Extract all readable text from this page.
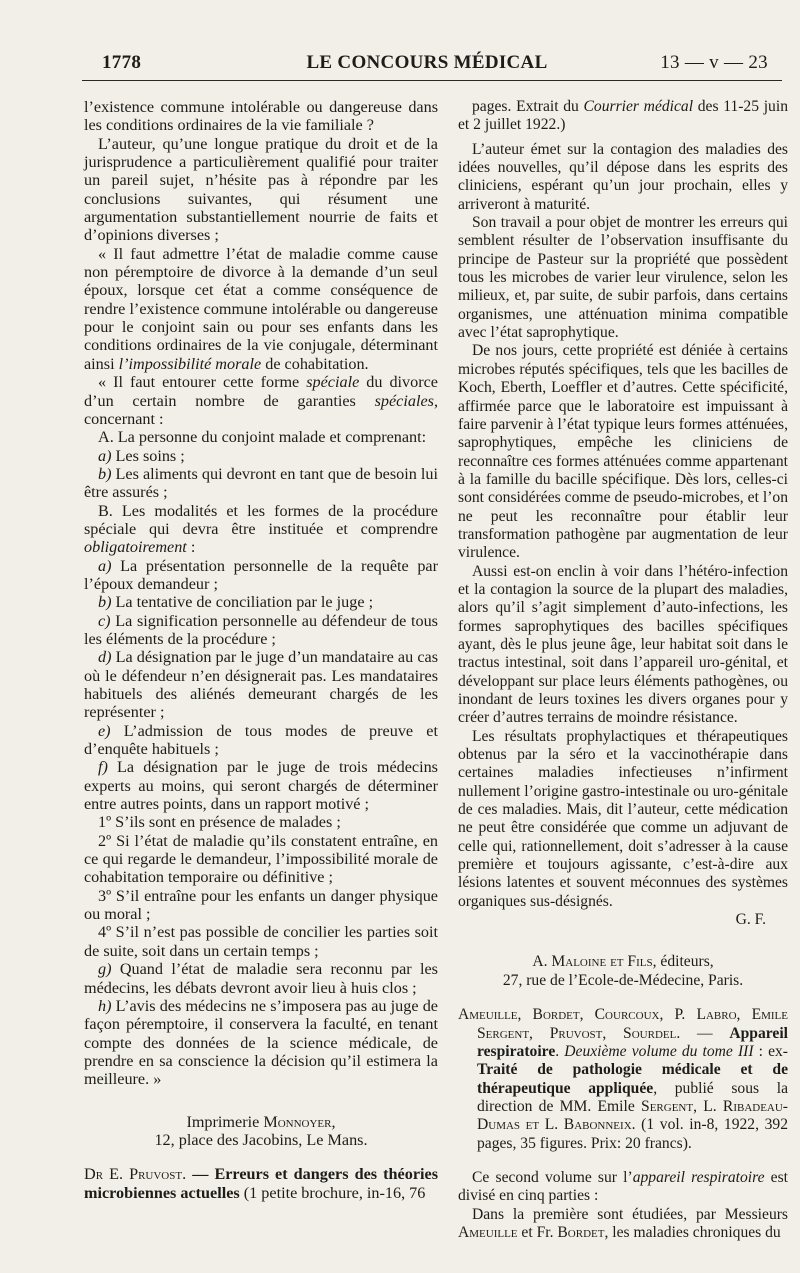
1778	LE CONCOURS MÉDICAL	13 — v — 23

l’existence commune intolérable ou dangereuse dans les conditions ordinaires de la vie familiale ?

L’auteur, qu’une longue pratique du droit et de la jurisprudence a particulièrement qualifié pour traiter un pareil sujet, n’hésite pas à répondre par les conclusions suivantes, qui résument une argumentation substantiellement nourrie de faits et d’opinions diverses ;

« Il faut admettre l’état de maladie comme cause non péremptoire de divorce à la demande d’un seul époux, lorsque cet état a comme conséquence de rendre l’existence commune intolérable ou dangereuse pour le conjoint sain ou pour ses enfants dans les conditions ordinaires de la vie conjugale, déterminant ainsi l’impossibilité morale de cohabitation.

« Il faut entourer cette forme spéciale du divorce d’un certain nombre de garanties spéciales, concernant :

A. La personne du conjoint malade et comprenant:

a) Les soins ;

b) Les aliments qui devront en tant que de besoin lui être assurés ;

B. Les modalités et les formes de la procédure spéciale qui devra être instituée et comprendre obligatoirement :

a) La présentation personnelle de la requête par l’époux demandeur ;

b) La tentative de conciliation par le juge ;

c) La signification personnelle au défendeur de tous les éléments de la procédure ;

d) La désignation par le juge d’un mandataire au cas où le défendeur n’en désignerait pas. Les mandataires habituels des aliénés demeurant chargés de les représenter ;

e) L’admission de tous modes de preuve et d’enquête habituels ;

f) La désignation par le juge de trois médecins experts au moins, qui seront chargés de déterminer entre autres points, dans un rapport motivé ;

1º S’ils sont en présence de malades ;

2º Si l’état de maladie qu’ils constatent entraîne, en ce qui regarde le demandeur, l’impossibilité morale de cohabitation temporaire ou définitive ;

3º S’il entraîne pour les enfants un danger physique ou moral ;

4º S’il n’est pas possible de concilier les parties soit de suite, soit dans un certain temps ;

g) Quand l’état de maladie sera reconnu par les médecins, les débats devront avoir lieu à huis clos ;

h) L’avis des médecins ne s’imposera pas au juge de façon péremptoire, il conservera la faculté, en tenant compte des données de la science médicale, de prendre en sa conscience la décision qu’il estimera la meilleure. »

Imprimerie Monnoyer,

12, place des Jacobins, Le Mans.

Dr E. Pruvost. — Erreurs et dangers des théories microbiennes actuelles (1 petite brochure, in-16, 76

pages. Extrait du Courrier médical des 11-25 juin et 2 juillet 1922.)

L’auteur émet sur la contagion des maladies des idées nouvelles, qu’il dépose dans les esprits des cliniciens, espérant qu’un jour prochain, elles y arriveront à maturité.

Son travail a pour objet de montrer les erreurs qui semblent résulter de l’observation insuffisante du principe de Pasteur sur la propriété que possèdent tous les microbes de varier leur virulence, selon les milieux, et, par suite, de subir parfois, dans certains organismes, une atténuation minima compatible avec l’état saprophytique.

De nos jours, cette propriété est déniée à certains microbes réputés spécifiques, tels que les bacilles de Koch, Eberth, Loeffler et d’autres. Cette spécificité, affirmée parce que le laboratoire est impuissant à faire parvenir à l’état typique leurs formes atténuées, saprophytiques, empêche les cliniciens de reconnaître ces formes atténuées comme appartenant à la famille du bacille spécifique. Dès lors, celles-ci sont considérées comme de pseudo-microbes, et l’on ne peut les reconnaître pour établir leur transformation pathogène par augmentation de leur virulence.

Aussi est-on enclin à voir dans l’hétéro-infection et la contagion la source de la plupart des maladies, alors qu’il s’agit simplement d’auto-infections, les formes saprophytiques des bacilles spécifiques ayant, dès le plus jeune âge, leur habitat soit dans le tractus intestinal, soit dans l’appareil uro-génital, et développant sur place leurs éléments pathogènes, ou inondant de leurs toxines les divers organes pour y créer d’autres terrains de moindre résistance.

Les résultats prophylactiques et thérapeutiques obtenus par la séro et la vaccinothérapie dans certaines maladies infectieuses n’infirment nullement l’origine gastro-intestinale ou uro-génitale de ces maladies. Mais, dit l’auteur, cette médication ne peut être considérée que comme un adjuvant de celle qui, rationnellement, doit s’adresser à la cause première et toujours agissante, c’est-à-dire aux lésions latentes et souvent méconnues des systèmes organiques sus-désignés.

G. F.

A. Maloine et Fils, éditeurs,

27, rue de l’Ecole-de-Médecine, Paris.

Ameuille, Bordet, Courcoux, P. Labro, Emile Sergent, Pruvost, Sourdel. — Appareil respiratoire. Deuxième volume du tome III : ex- Traité de pathologie médicale et de thérapeutique appliquée, publié sous la direction de MM. Emile Sergent, L. Ribadeau-Dumas et L. Babonneix. (1 vol. in-8, 1922, 392 pages, 35 figures. Prix: 20 francs).

Ce second volume sur l’appareil respiratoire est divisé en cinq parties :

Dans la première sont étudiées, par Messieurs Ameuille et Fr. Bordet, les maladies chroniques du
